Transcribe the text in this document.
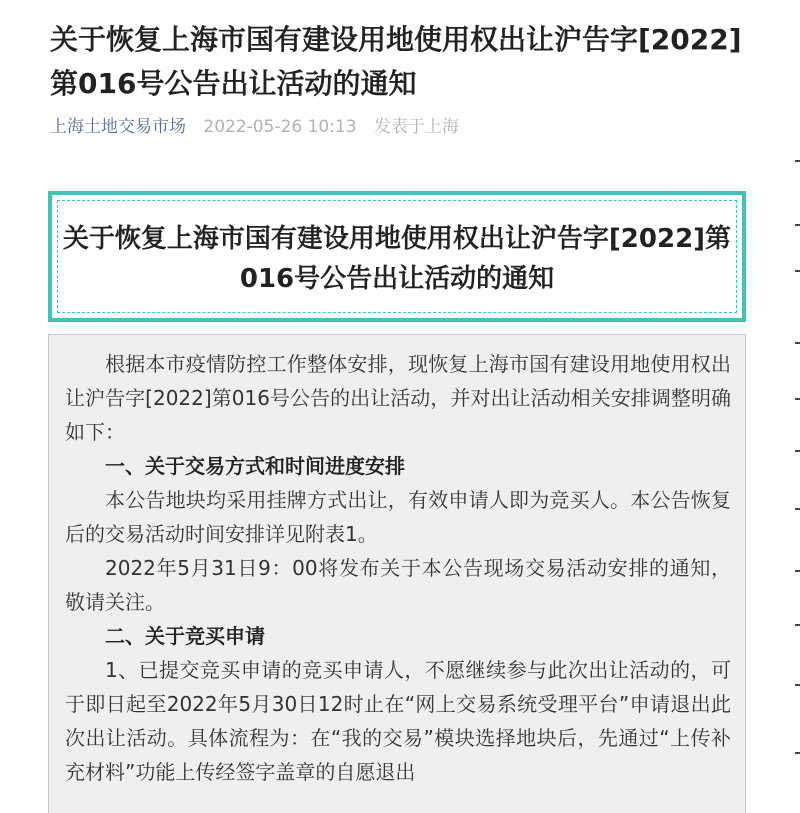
关于恢复上海市国有建设用地使用权出让沪告字[2022]第016号公告出让活动的通知
上海土地交易市场 2022-05-26 10:13 发表于上海
关于恢复上海市国有建设用地使用权出让沪告字[2022]第016号公告出让活动的通知

根据本市疫情防控工作整体安排，现恢复上海市国有建设用地使用权出让沪告字[2022]第016号公告的出让活动，并对出让活动相关安排调整明确如下：

一、关于交易方式和时间进度安排

本公告地块均采用挂牌方式出让，有效申请人即为竞买人。本公告恢复后的交易活动时间安排详见附表1。

2022年5月31日9：00将发布关于本公告现场交易活动安排的通知，敬请关注。

二、关于竞买申请

1、已提交竞买申请的竞买申请人，不愿继续参与此次出让活动的，可于即日起至2022年5月30日12时止在“网上交易系统受理平台”申请退出此次出让活动。具体流程为：在“我的交易”模块选择地块后，先通过“上传补充材料”功能上传经签字盖章的自愿退出
